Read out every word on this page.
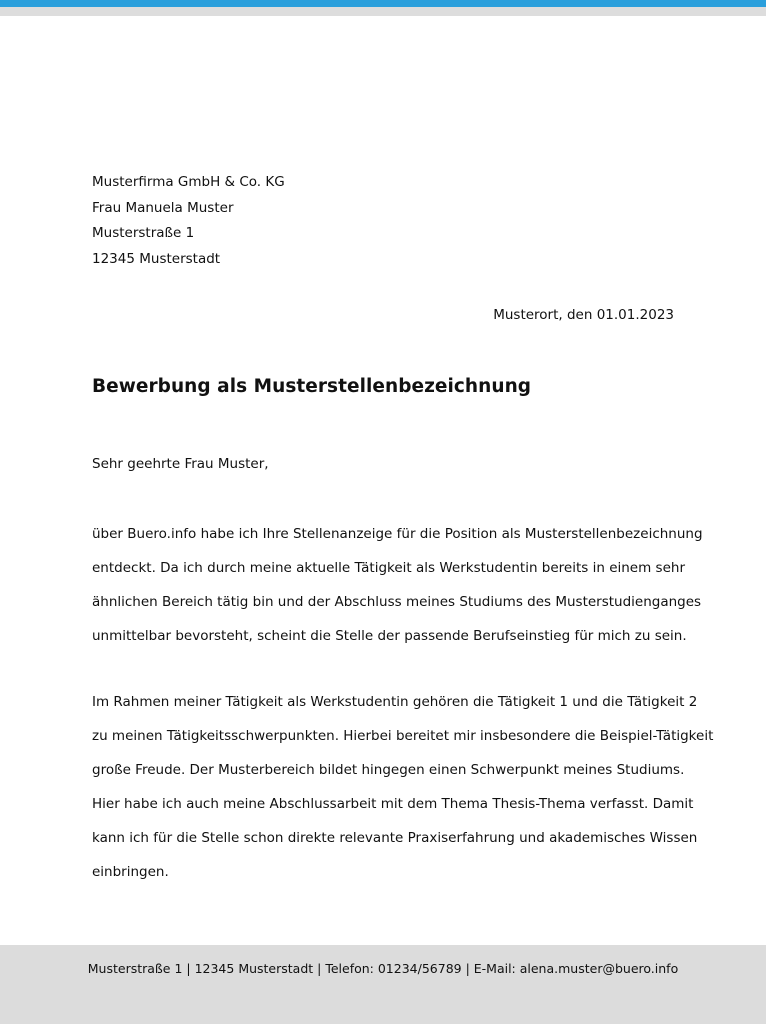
Musterfirma GmbH & Co. KG
Frau Manuela Muster
Musterstraße 1
12345 Musterstadt
Musterort, den 01.01.2023
Bewerbung als Musterstellenbezeichnung
Sehr geehrte Frau Muster,
über Buero.info habe ich Ihre Stellenanzeige für die Position als Musterstellenbezeichnung
entdeckt. Da ich durch meine aktuelle Tätigkeit als Werkstudentin bereits in einem sehr
ähnlichen Bereich tätig bin und der Abschluss meines Studiums des Musterstudienganges
unmittelbar bevorsteht, scheint die Stelle der passende Berufseinstieg für mich zu sein.
Im Rahmen meiner Tätigkeit als Werkstudentin gehören die Tätigkeit 1 und die Tätigkeit 2
zu meinen Tätigkeitsschwerpunkten. Hierbei bereitet mir insbesondere die Beispiel-Tätigkeit
große Freude. Der Musterbereich bildet hingegen einen Schwerpunkt meines Studiums.
Hier habe ich auch meine Abschlussarbeit mit dem Thema Thesis-Thema verfasst. Damit
kann ich für die Stelle schon direkte relevante Praxiserfahrung und akademisches Wissen
einbringen.
Musterstraße 1 | 12345 Musterstadt | Telefon: 01234/56789 | E-Mail: alena.muster@buero.info
